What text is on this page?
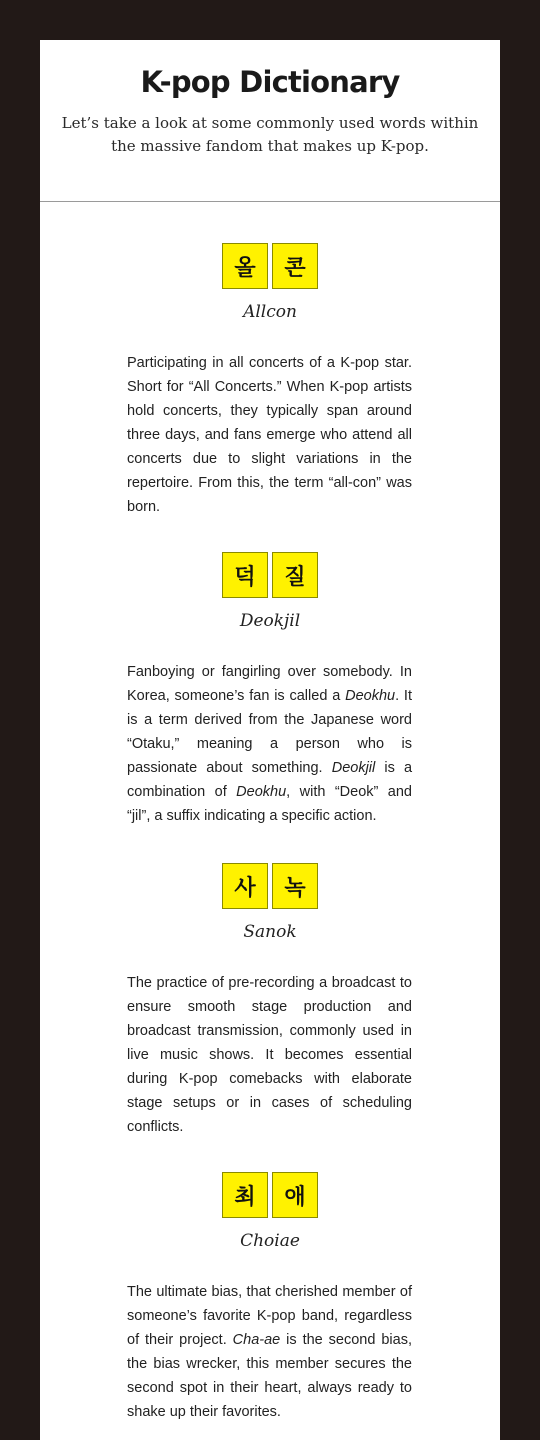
K-pop Dictionary

Let’s take a look at some commonly used words within the massive fandom that makes up K-pop.

올	콘
Allcon
Participating in all concerts of a K-pop star. Short for “All Concerts.” When K-pop artists hold concerts, they typically span around three days, and fans emerge who attend all concerts due to slight variations in the repertoire. From this, the term “all-con” was born.
덕	질
Deokjil
Fanboying or fangirling over somebody. In Korea, someone’s fan is called a Deokhu. It is a term derived from the Japanese word “Otaku,” meaning a person who is passionate about something. Deokjil is a combination of Deokhu, with “Deok” and “jil”, a suffix indicating a specific action.
사	녹
Sanok
The practice of pre-recording a broadcast to ensure smooth stage production and broadcast transmission, commonly used in live music shows. It becomes essential during K-pop comebacks with elaborate stage setups or in cases of scheduling conflicts.
최	애
Choiae
The ultimate bias, that cherished member of someone’s favorite K-pop band, regardless of their project. Cha-ae is the second bias, the bias wrecker, this member secures the second spot in their heart, always ready to shake up their favorites.
